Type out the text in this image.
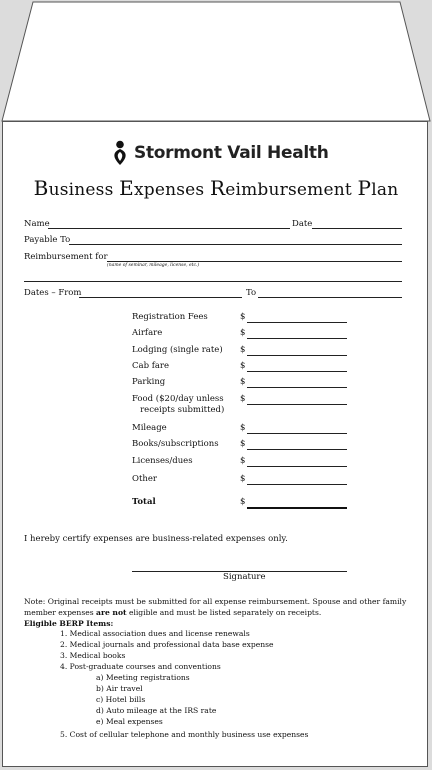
Stormont Vail Health
Business Expenses Reimbursement Plan
Name	Date
Payable To
Reimbursement for
(name of seminar, mileage, license, etc.)
Dates – From	To
Registration Fees	$
Airfare	$
Lodging (single rate) $
Cab fare	$
Parking	$
Food ($20/day unless
receipts submitted)
$
Mileage	$
Books/subscriptions	$
Licenses/dues	$
Other	$
Total	$
I hereby certify expenses are business-related expenses only.
Signature
Note: Original receipts must be submitted for all expense reimbursement. Spouse and other family
member expenses are not eligible and must be listed separately on receipts.
Eligible BERP Items:
1. Medical association dues and license renewals
2. Medical journals and professional data base expense
3. Medical books
4. Post-graduate courses and conventions
a) Meeting registrations
b) Air travel
c) Hotel bills
d) Auto mileage at the IRS rate
e) Meal expenses
5. Cost of cellular telephone and monthly business use expenses
